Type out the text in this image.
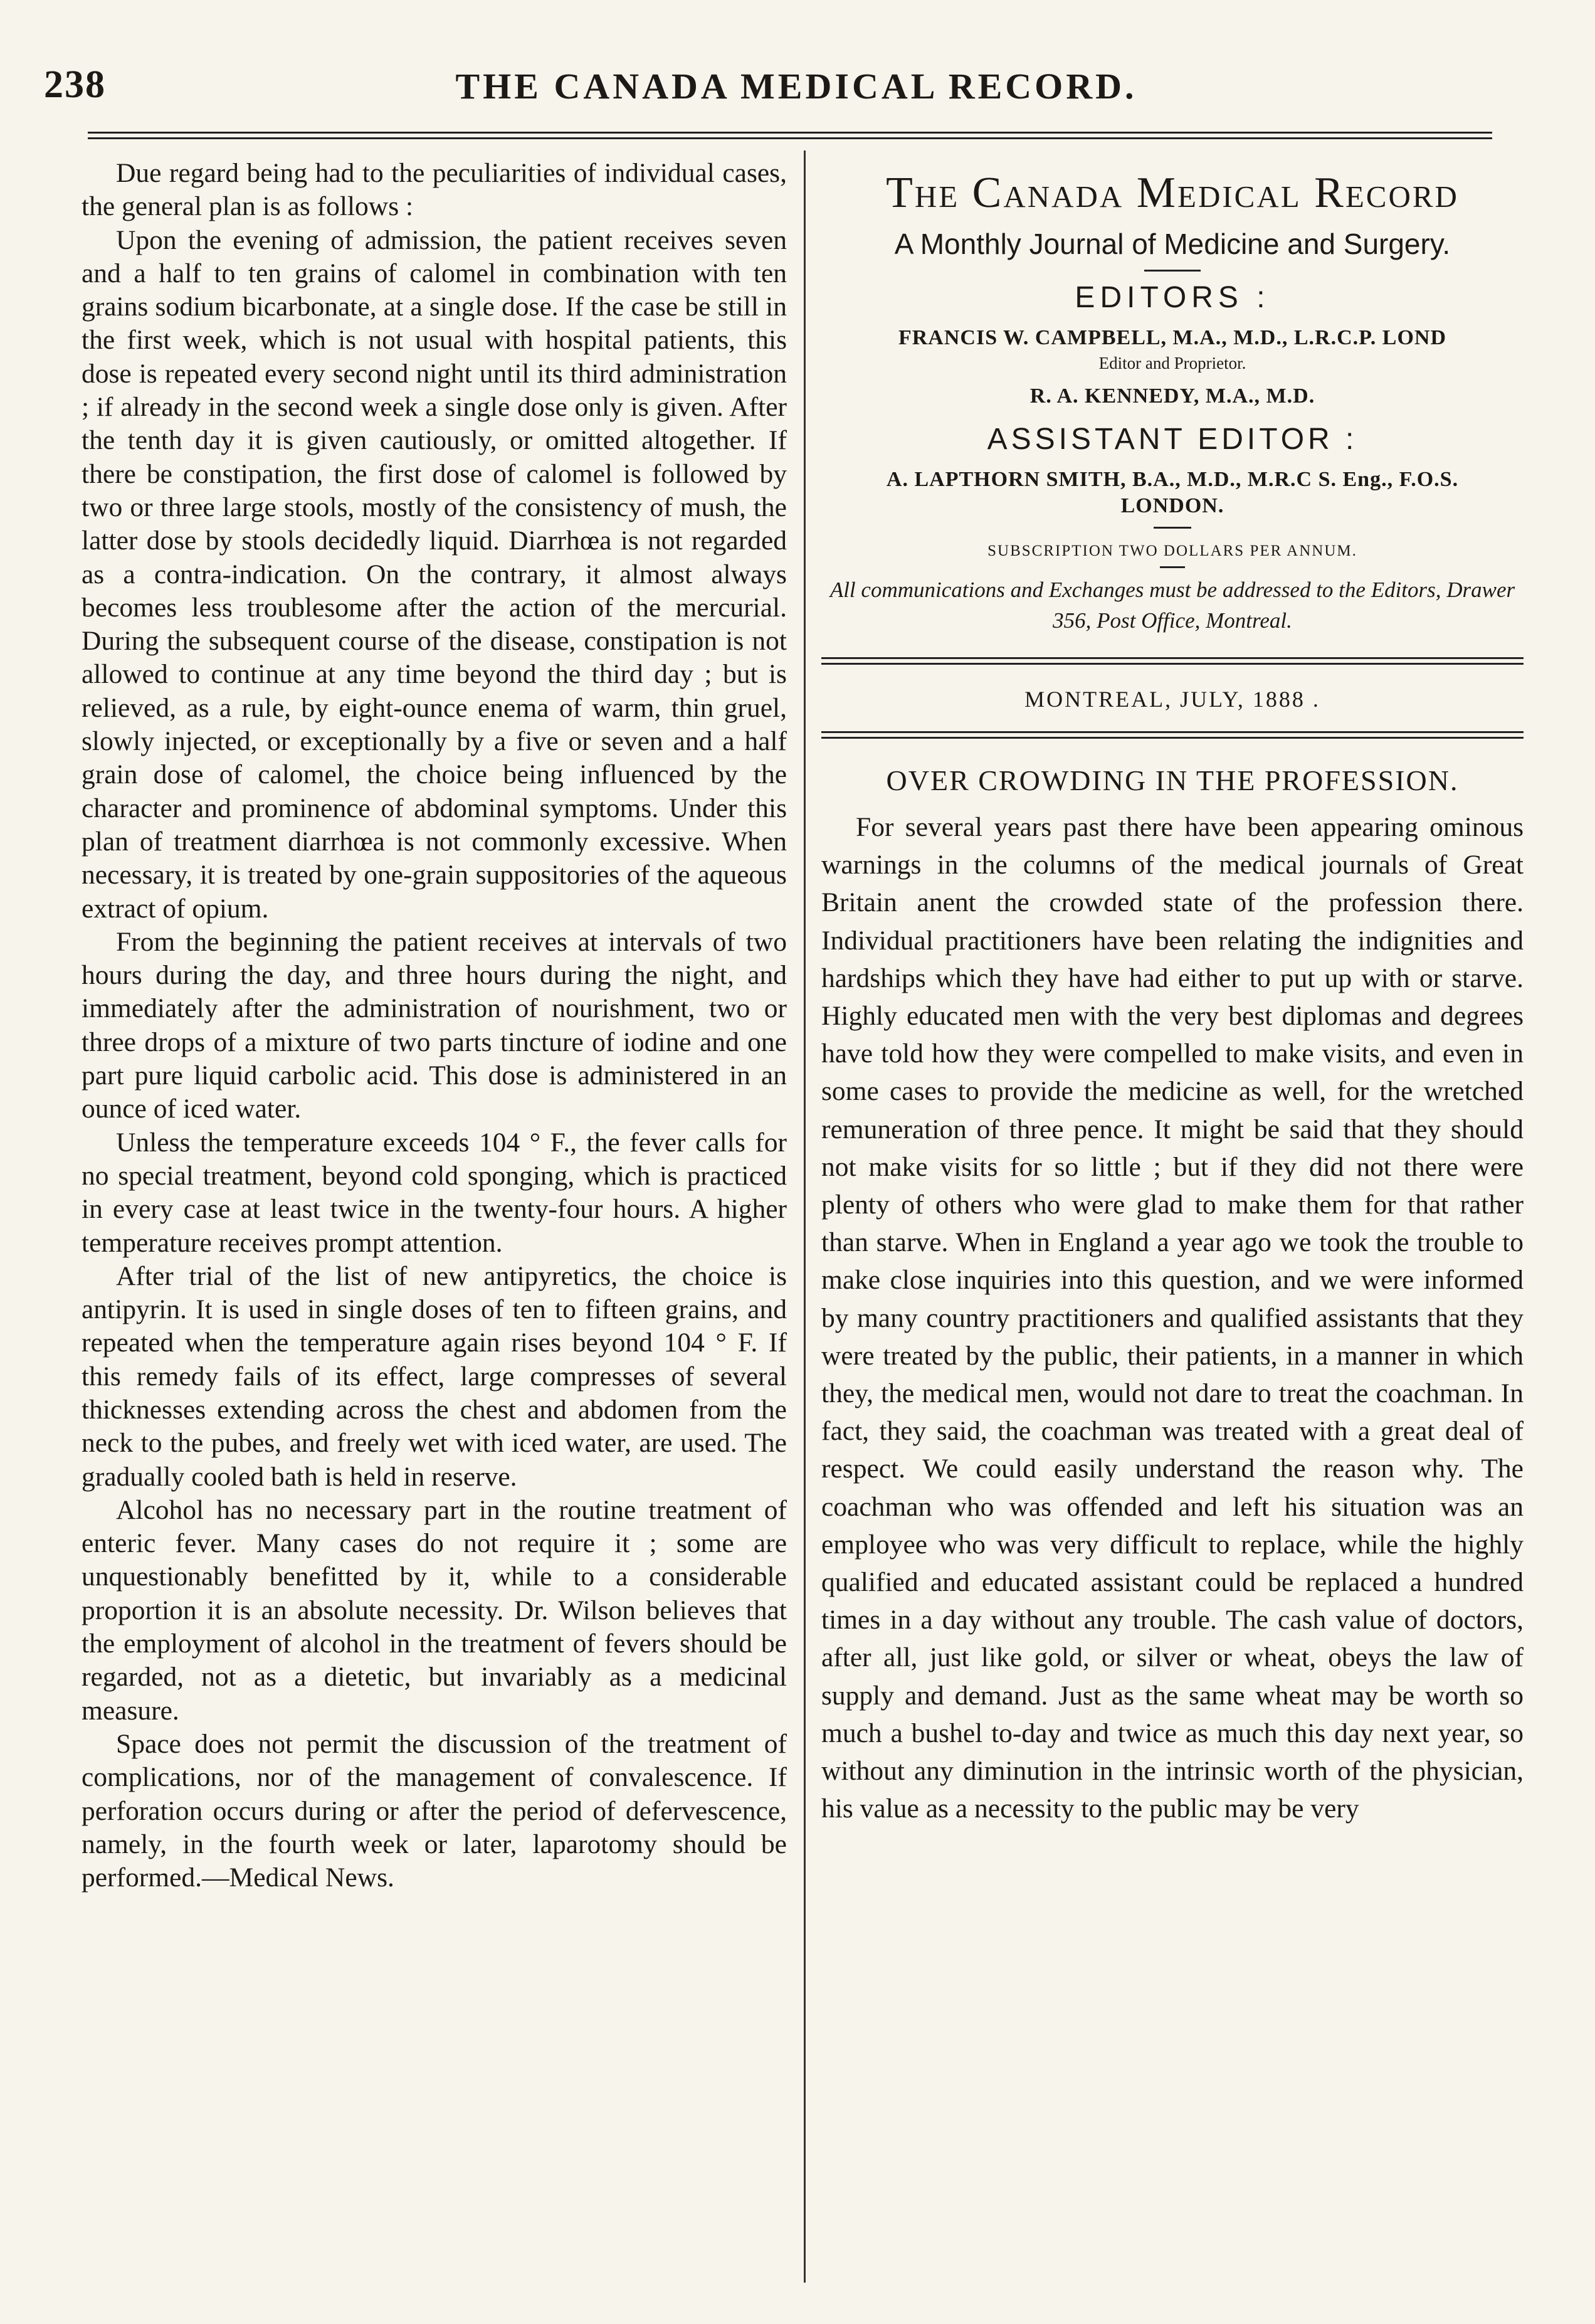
238	THE CANADA MEDICAL RECORD.

Due regard being had to the peculiarities of individual cases, the general plan is as follows :

Upon the evening of admission, the patient receives seven and a half to ten grains of calomel in combination with ten grains sodium bicarbonate, at a single dose. If the case be still in the first week, which is not usual with hospital patients, this dose is repeated every second night until its third administration ; if already in the second week a single dose only is given. After the tenth day it is given cautiously, or omitted altogether. If there be constipation, the first dose of calomel is followed by two or three large stools, mostly of the consistency of mush, the latter dose by stools decidedly liquid. Diarrhœa is not regarded as a contra-indication. On the contrary, it almost always becomes less troublesome after the action of the mercurial. During the subsequent course of the disease, constipation is not allowed to continue at any time beyond the third day ; but is relieved, as a rule, by eight-ounce enema of warm, thin gruel, slowly injected, or exceptionally by a five or seven and a half grain dose of calomel, the choice being influenced by the character and prominence of abdominal symptoms. Under this plan of treatment diarrhœa is not commonly excessive. When necessary, it is treated by one-grain suppositories of the aqueous extract of opium.

From the beginning the patient receives at intervals of two hours during the day, and three hours during the night, and immediately after the administration of nourishment, two or three drops of a mixture of two parts tincture of iodine and one part pure liquid carbolic acid. This dose is administered in an ounce of iced water.

Unless the temperature exceeds 104 ° F., the fever calls for no special treatment, beyond cold sponging, which is practiced in every case at least twice in the twenty-four hours. A higher temperature receives prompt attention.

After trial of the list of new antipyretics, the choice is antipyrin. It is used in single doses of ten to fifteen grains, and repeated when the temperature again rises beyond 104 ° F. If this remedy fails of its effect, large compresses of several thicknesses extending across the chest and abdomen from the neck to the pubes, and freely wet with iced water, are used. The gradually cooled bath is held in reserve.

Alcohol has no necessary part in the routine treatment of enteric fever. Many cases do not require it ; some are unquestionably benefitted by it, while to a considerable proportion it is an absolute necessity. Dr. Wilson believes that the employment of alcohol in the treatment of fevers should be regarded, not as a dietetic, but invariably as a medicinal measure.

Space does not permit the discussion of the treatment of complications, nor of the management of convalescence. If perforation occurs during or after the period of defervescence, namely, in the fourth week or later, laparotomy should be performed.—Medical News.

The Canada Medical Record
A Monthly Journal of Medicine and Surgery.
EDITORS :
FRANCIS W. CAMPBELL, M.A., M.D., L.R.C.P. LOND
Editor and Proprietor.
R. A. KENNEDY, M.A., M.D.
ASSISTANT EDITOR :
A. LAPTHORN SMITH, B.A., M.D., M.R.C S. Eng., F.O.S.
LONDON.
SUBSCRIPTION TWO DOLLARS PER ANNUM.
All communications and Exchanges must be addressed to the Editors, Drawer 356, Post Office, Montreal.
MONTREAL, JULY, 1888 .
OVER CROWDING IN THE PROFESSION.

For several years past there have been appearing ominous warnings in the columns of the medical journals of Great Britain anent the crowded state of the profession there. Individual practitioners have been relating the indignities and hardships which they have had either to put up with or starve. Highly educated men with the very best diplomas and degrees have told how they were compelled to make visits, and even in some cases to provide the medicine as well, for the wretched remuneration of three pence. It might be said that they should not make visits for so little ; but if they did not there were plenty of others who were glad to make them for that rather than starve. When in England a year ago we took the trouble to make close inquiries into this question, and we were informed by many country practitioners and qualified assistants that they were treated by the public, their patients, in a manner in which they, the medical men, would not dare to treat the coachman. In fact, they said, the coachman was treated with a great deal of respect. We could easily understand the reason why. The coachman who was offended and left his situation was an employee who was very difficult to replace, while the highly qualified and educated assistant could be replaced a hundred times in a day without any trouble. The cash value of doctors, after all, just like gold, or silver or wheat, obeys the law of supply and demand. Just as the same wheat may be worth so much a bushel to-day and twice as much this day next year, so without any diminution in the intrinsic worth of the physician, his value as a necessity to the public may be very
